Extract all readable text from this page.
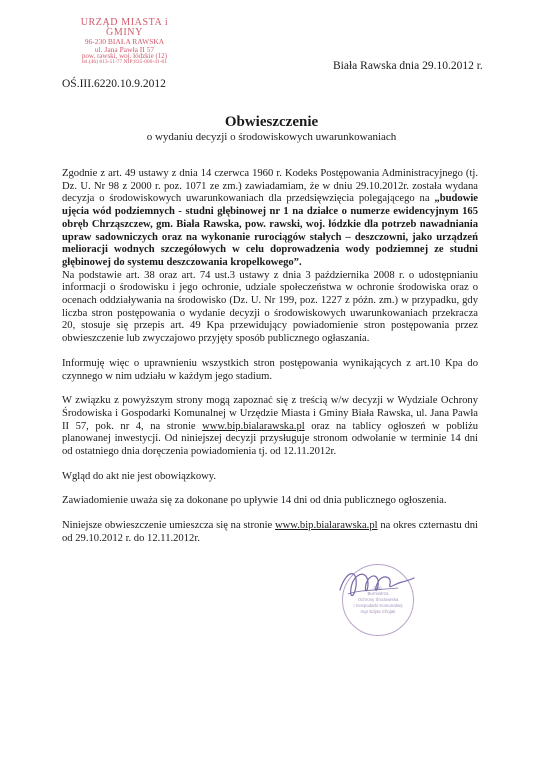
URZĄD MIASTA i GMINY
96-230 BIAŁA RAWSKA
ul. Jana Pawła II 57
pow. rawski, woj. łódzkie (12)
tel.(46) 813-51-77 NIP:835-000-41-61
OŚ.III.6220.10.9.2012
Biała Rawska dnia 29.10.2012 r.
Obwieszczenie
o wydaniu decyzji o środowiskowych uwarunkowaniach

Zgodnie z art. 49 ustawy z dnia 14 czerwca 1960 r. Kodeks Postępowania Administracyjnego (tj. Dz. U. Nr 98 z 2000 r. poz. 1071 ze zm.) zawiadamiam, że w dniu 29.10.2012r. została wydana decyzja o środowiskowych uwarunkowaniach dla przedsięwzięcia polegającego na „budowie ujęcia wód podziemnych - studni głębinowej nr 1 na działce o numerze ewidencyjnym 165 obręb Chrząszczew, gm. Biała Rawska, pow. rawski, woj. łódzkie dla potrzeb nawadniania upraw sadowniczych oraz na wykonanie rurociągów stałych – deszczowni, jako urządzeń melioracji wodnych szczegółowych w celu doprowadzenia wody podziemnej ze studni głębinowej do systemu deszczowania kropelkowego”.

Na podstawie art. 38 oraz art. 74 ust.3 ustawy z dnia 3 października 2008 r. o udostępnianiu informacji o środowisku i jego ochronie, udziale społeczeństwa w ochronie środowiska oraz o ocenach oddziaływania na środowisko (Dz. U. Nr 199, poz. 1227 z późn. zm.) w przypadku, gdy liczba stron postępowania o wydanie decyzji o środowiskowych uwarunkowaniach przekracza 20, stosuje się przepis art. 49 Kpa przewidujący powiadomienie stron postępowania przez obwieszczenie lub zwyczajowo przyjęty sposób publicznego ogłaszania.

Informuję więc o uprawnieniu wszystkich stron postępowania wynikających z art.10 Kpa do czynnego w nim udziału w każdym jego stadium.

W związku z powyższym strony mogą zapoznać się z treścią w/w decyzji w Wydziale Ochrony Środowiska i Gospodarki Komunalnej w Urzędzie Miasta i Gminy Biała Rawska, ul. Jana Pawła II 57, pok. nr 4, na stronie www.bip.bialarawska.pl oraz na tablicy ogłoszeń w pobliżu planowanej inwestycji. Od niniejszej decyzji przysługuje stronom odwołanie w terminie 14 dni od ostatniego dnia doręczenia powiadomienia tj. od 12.11.2012r.

Wgląd do akt nie jest obowiązkowy.

Zawiadomienie uważa się za dokonane po upływie 14 dni od dnia publicznego ogłoszenia.

Niniejsze obwieszczenie umieszcza się na stronie www.bip.bialarawska.pl na okres czternastu dni od 29.10.2012 r. do 12.11.2012r.

z up.
Burmistrza
Ochrony Środowiska
i Gospodarki Komunalnej
mgr Edyta Chojak
